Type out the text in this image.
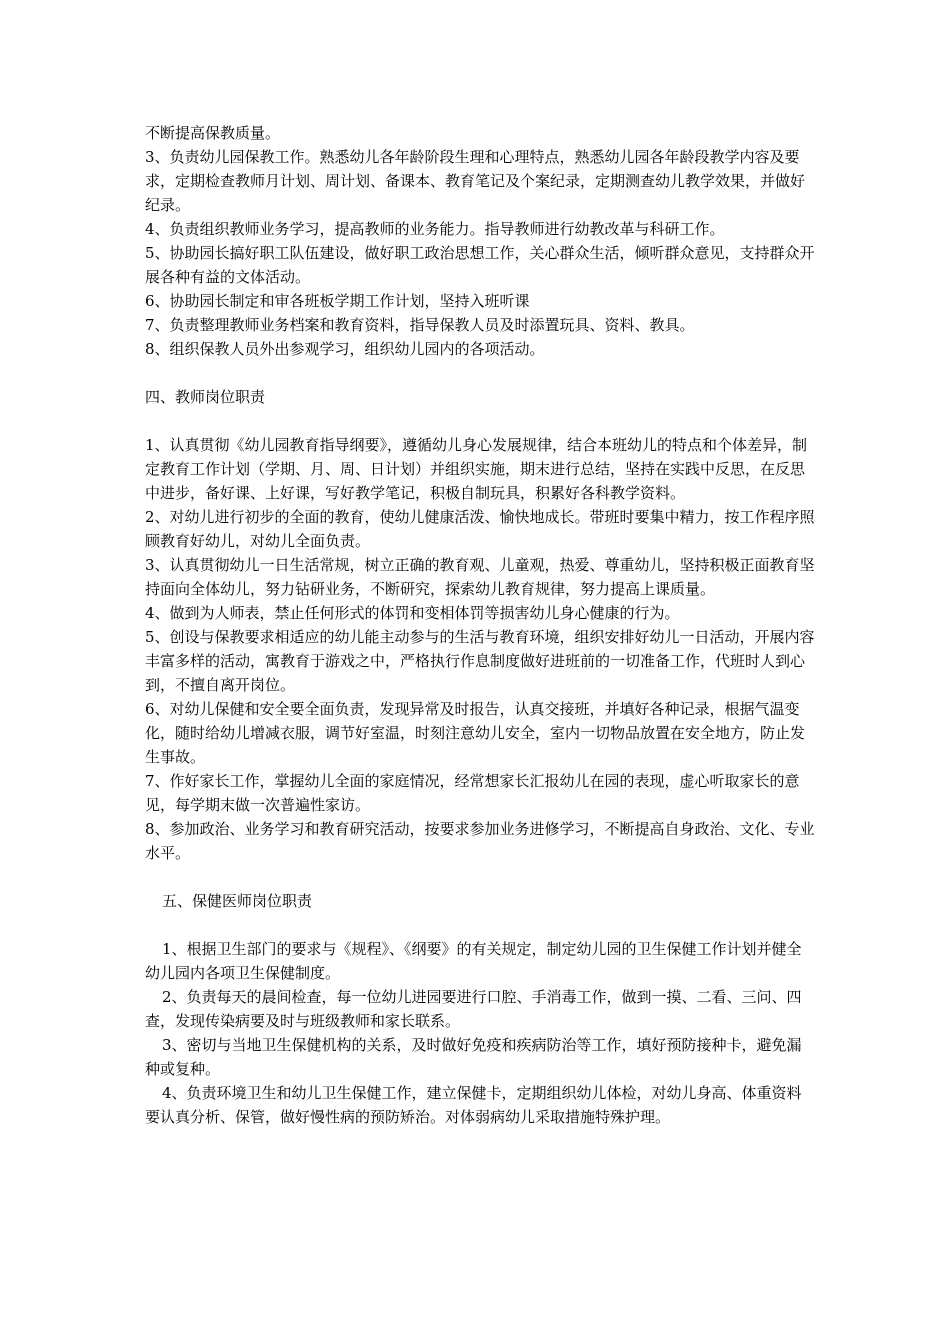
不断提高保教质量。

3、负责幼儿园保教工作。熟悉幼儿各年龄阶段生理和心理特点，熟悉幼儿园各年龄段教学内容及要求，定期检查教师月计划、周计划、备课本、教育笔记及个案纪录，定期测查幼儿教学效果，并做好纪录。

4、负责组织教师业务学习，提高教师的业务能力。指导教师进行幼教改革与科研工作。

5、协助园长搞好职工队伍建设，做好职工政治思想工作，关心群众生活，倾听群众意见，支持群众开展各种有益的文体活动。

6、协助园长制定和审各班板学期工作计划，坚持入班听课

7、负责整理教师业务档案和教育资料，指导保教人员及时添置玩具、资料、教具。

8、组织保教人员外出参观学习，组织幼儿园内的各项活动。

四、教师岗位职责

1、认真贯彻《幼儿园教育指导纲要》，遵循幼儿身心发展规律，结合本班幼儿的特点和个体差异，制定教育工作计划（学期、月、周、日计划）并组织实施，期末进行总结，坚持在实践中反思，在反思中进步，备好课、上好课，写好教学笔记，积极自制玩具，积累好各科教学资料。

2、对幼儿进行初步的全面的教育，使幼儿健康活泼、愉快地成长。带班时要集中精力，按工作程序照顾教育好幼儿，对幼儿全面负责。

3、认真贯彻幼儿一日生活常规，树立正确的教育观、儿童观，热爱、尊重幼儿，坚持积极正面教育坚持面向全体幼儿，努力钻研业务，不断研究，探索幼儿教育规律，努力提高上课质量。

4、做到为人师表，禁止任何形式的体罚和变相体罚等损害幼儿身心健康的行为。

5、创设与保教要求相适应的幼儿能主动参与的生活与教育环境，组织安排好幼儿一日活动，开展内容丰富多样的活动，寓教育于游戏之中，严格执行作息制度做好进班前的一切准备工作，代班时人到心到，不擅自离开岗位。

6、对幼儿保健和安全要全面负责，发现异常及时报告，认真交接班，并填好各种记录，根据气温变化，随时给幼儿增减衣服，调节好室温，时刻注意幼儿安全，室内一切物品放置在安全地方，防止发生事故。

7、作好家长工作，掌握幼儿全面的家庭情况，经常想家长汇报幼儿在园的表现，虚心听取家长的意见，每学期末做一次普遍性家访。

8、参加政治、业务学习和教育研究活动，按要求参加业务进修学习，不断提高自身政治、文化、专业水平。

五、保健医师岗位职责

1、根据卫生部门的要求与《规程》、《纲要》的有关规定，制定幼儿园的卫生保健工作计划并健全幼儿园内各项卫生保健制度。

2、负责每天的晨间检查，每一位幼儿进园要进行口腔、手消毒工作，做到一摸、二看、三问、四查，发现传染病要及时与班级教师和家长联系。

3、密切与当地卫生保健机构的关系，及时做好免疫和疾病防治等工作，填好预防接种卡，避免漏种或复种。

4、负责环境卫生和幼儿卫生保健工作，建立保健卡，定期组织幼儿体检，对幼儿身高、体重资料要认真分析、保管，做好慢性病的预防矫治。对体弱病幼儿采取措施特殊护理。
